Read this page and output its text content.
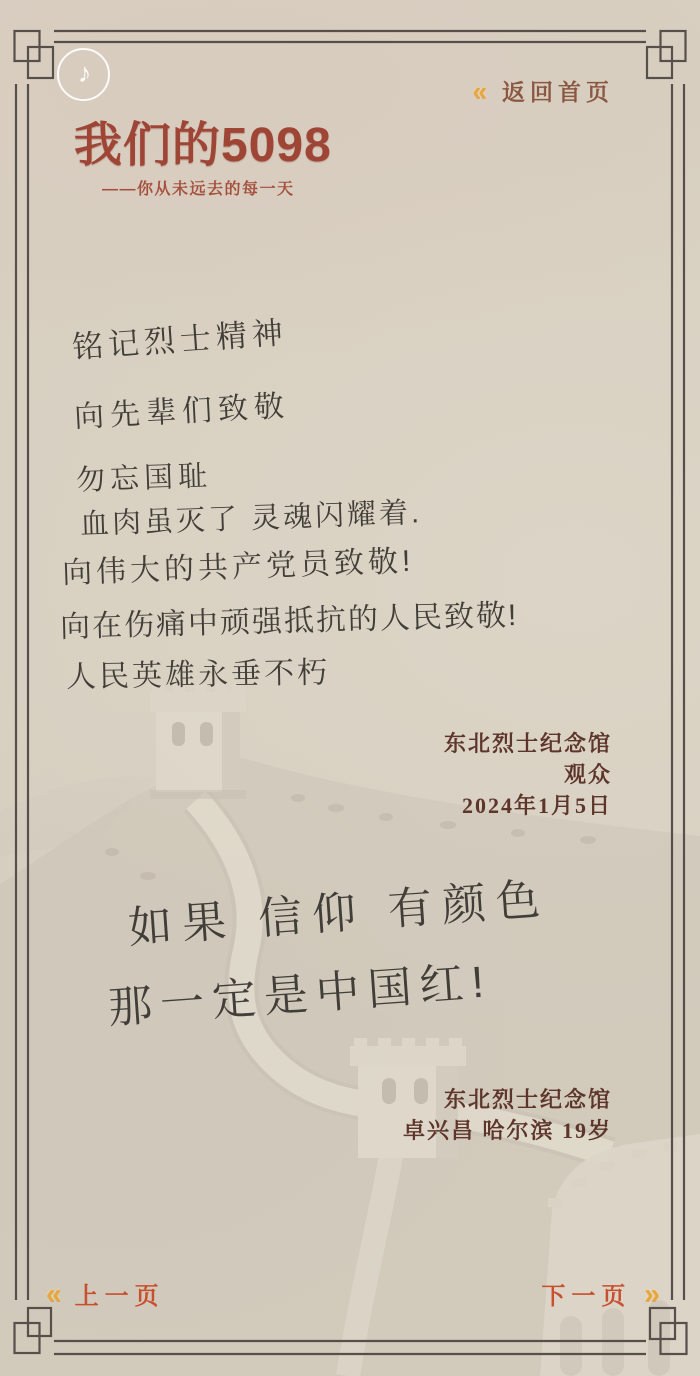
♪
« 返回首页
我们的5098
——你从未远去的每一天
铭记烈士精神
向先辈们致敬
勿忘国耻
血肉虽灭了 灵魂闪耀着.
向伟大的共产党员致敬!
向在伤痛中顽强抵抗的人民致敬!
人民英雄永垂不朽
东北烈士纪念馆
观众
2024年1月5日
如果 信仰 有颜色
那一定是中国红!
东北烈士纪念馆
卓兴昌 哈尔滨 19岁
« 上一页	下一页 »
